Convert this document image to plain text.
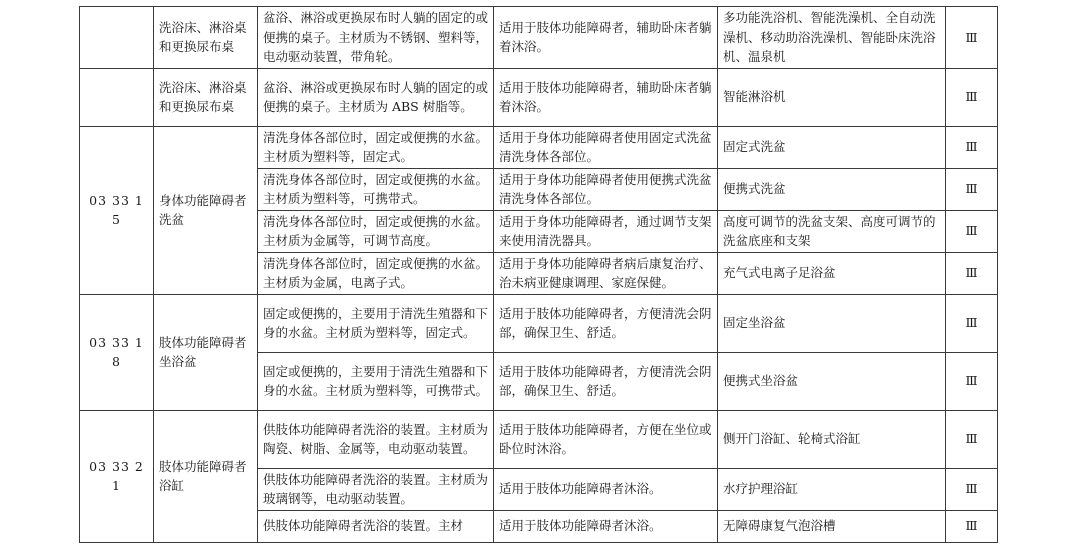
	洗浴床、淋浴桌和更换尿布桌	盆浴、淋浴或更换尿布时人躺的固定的或便携的桌子。主材质为不锈钢、塑料等，电动驱动装置，带角轮。	适用于肢体功能障碍者，辅助卧床者躺着沐浴。	多功能洗浴机、智能洗澡机、全自动洗澡机、移动助浴洗澡机、智能卧床洗浴机、温泉机	Ⅲ
	洗浴床、淋浴桌和更换尿布桌	盆浴、淋浴或更换尿布时人躺的固定的或便携的桌子。主材质为 ABS 树脂等。	适用于肢体功能障碍者，辅助卧床者躺着沐浴。	智能淋浴机	Ⅲ
03 33 15	身体功能障碍者洗盆	清洗身体各部位时，固定或便携的水盆。主材质为塑料等，固定式。	适用于身体功能障碍者使用固定式洗盆清洗身体各部位。	固定式洗盆	Ⅲ
		清洗身体各部位时，固定或便携的水盆。主材质为塑料等，可携带式。	适用于身体功能障碍者使用便携式洗盆清洗身体各部位。	便携式洗盆	Ⅲ
		清洗身体各部位时，固定或便携的水盆。主材质为金属等，可调节高度。	适用于身体功能障碍者，通过调节支架来使用清洗器具。	高度可调节的洗盆支架、高度可调节的洗盆底座和支架	Ⅲ
		清洗身体各部位时，固定或便携的水盆。主材质为金属，电离子式。	适用于身体功能障碍者病后康复治疗、治未病亚健康调理、家庭保健。	充气式电离子足浴盆	Ⅲ
03 33 18	肢体功能障碍者坐浴盆	固定或便携的，主要用于清洗生殖器和下身的水盆。主材质为塑料等，固定式。	适用于肢体功能障碍者，方便清洗会阴部，确保卫生、舒适。	固定坐浴盆	Ⅲ
		固定或便携的，主要用于清洗生殖器和下身的水盆。主材质为塑料等，可携带式。	适用于肢体功能障碍者，方便清洗会阴部，确保卫生、舒适。	便携式坐浴盆	Ⅲ
03 33 21	肢体功能障碍者浴缸	供肢体功能障碍者洗浴的装置。主材质为陶瓷、树脂、金属等，电动驱动装置。	适用于肢体功能障碍者，方便在坐位或卧位时沐浴。	侧开门浴缸、轮椅式浴缸	Ⅲ
		供肢体功能障碍者洗浴的装置。主材质为玻璃钢等，电动驱动装置。	适用于肢体功能障碍者沐浴。	水疗护理浴缸	Ⅲ
		供肢体功能障碍者洗浴的装置。主材	适用于肢体功能障碍者沐浴。	无障碍康复气泡浴槽	Ⅲ
